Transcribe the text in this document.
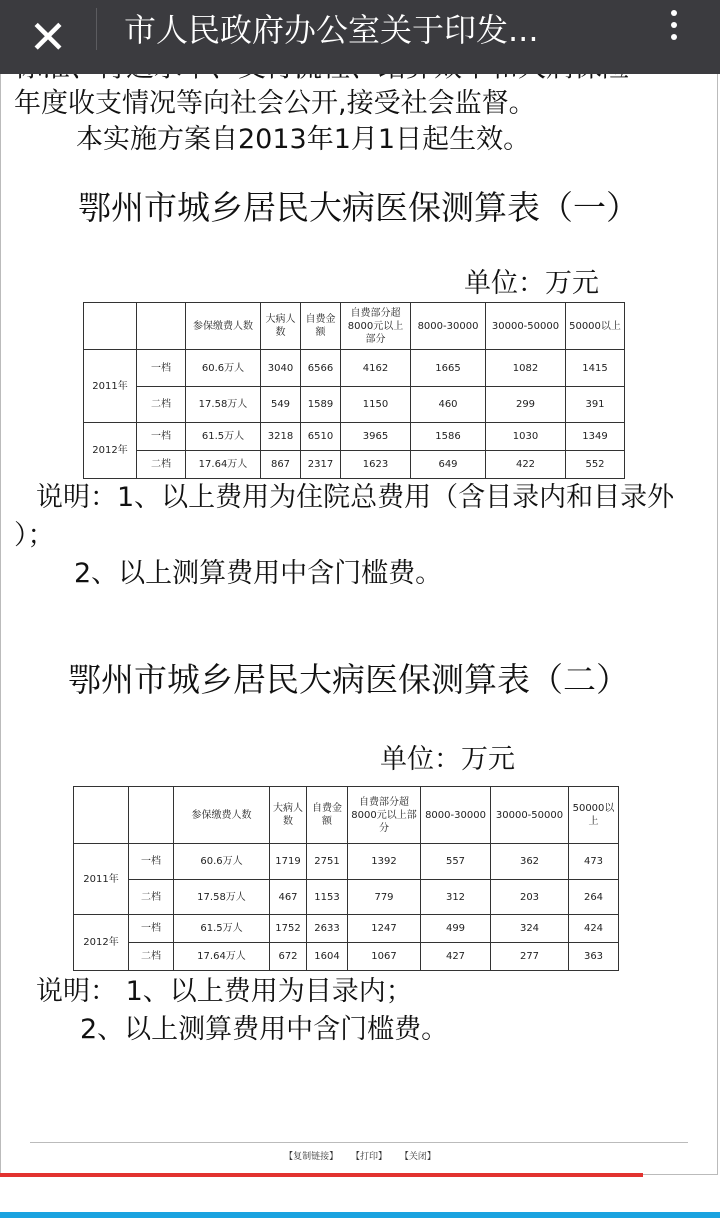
✕	市人民政府办公室关于印发...
年度收支情况等向社会公开,接受社会监督。
本实施方案自2013年1月1日起生效。
鄂州市城乡居民大病医保测算表（一）
单位：万元
		参保缴费人数	大病人数	自费金额	自费部分超8000元以上部分	8000-30000	30000-50000	50000以上
2011年	一档	60.6万人	3040	6566	4162	1665	1082	1415
	二档	17.58万人	549	1589	1150	460	299	391
2012年	一档	61.5万人	3218	6510	3965	1586	1030	1349
	二档	17.64万人	867	2317	1623	649	422	552
说明：1、以上费用为住院总费用（含目录内和目录外
）；
2、以上测算费用中含门槛费。
鄂州市城乡居民大病医保测算表（二）
单位：万元
		参保缴费人数	大病人数	自费金额	自费部分超8000元以上部分	8000-30000	30000-50000	50000以上
2011年	一档	60.6万人	1719	2751	1392	557	362	473
	二档	17.58万人	467	1153	779	312	203	264
2012年	一档	61.5万人	1752	2633	1247	499	324	424
	二档	17.64万人	672	1604	1067	427	277	363
说明： 1、以上费用为目录内；
2、以上测算费用中含门槛费。
【复制链接】 【打印】 【关闭】
